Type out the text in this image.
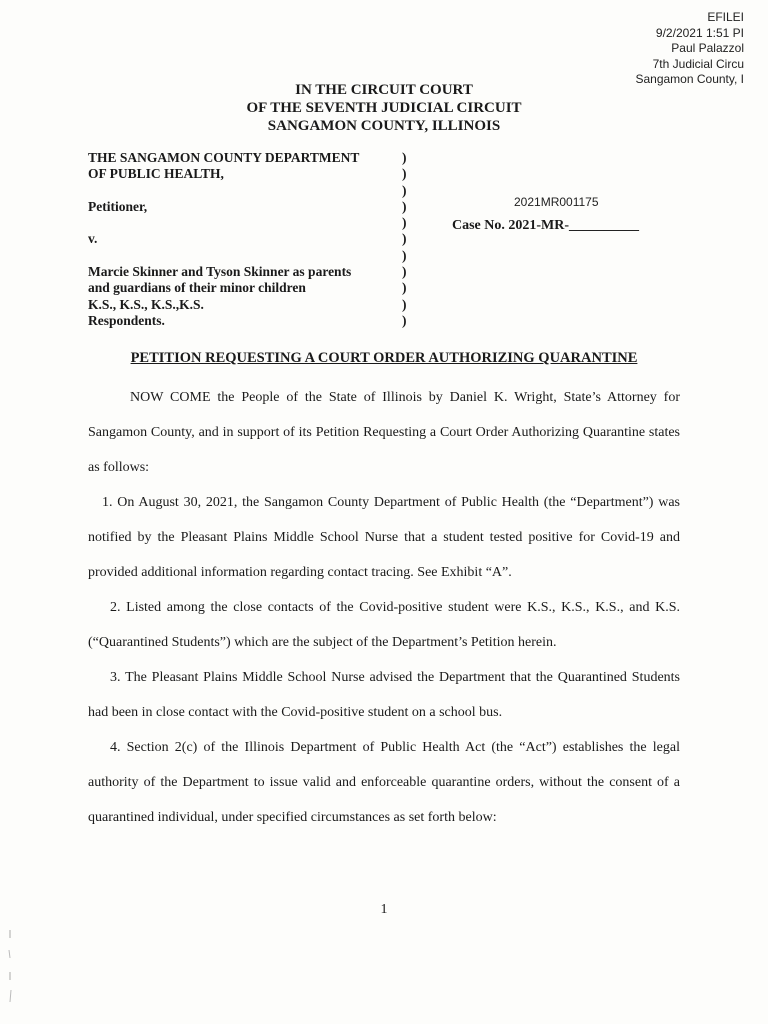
EFILEI
9/2/2021 1:51 PI
Paul Palazzol
7th Judicial Circu
Sangamon County, I
IN THE CIRCUIT COURT
OF THE SEVENTH JUDICIAL CIRCUIT
SANGAMON COUNTY, ILLINOIS
THE SANGAMON COUNTY DEPARTMENT
OF PUBLIC HEALTH,
Petitioner,
v.
Marcie Skinner and Tyson Skinner as parents
and guardians of their minor children
K.S., K.S., K.S.,K.S.
Respondents.
)
)
)
)
)
)
)
)
)
)
)
2021MR001175
Case No. 2021-MR-__________
PETITION REQUESTING A COURT ORDER AUTHORIZING QUARANTINE

NOW COME the People of the State of Illinois by Daniel K. Wright, State’s Attorney for Sangamon County, and in support of its Petition Requesting a Court Order Authorizing Quarantine states as follows:

1. On August 30, 2021, the Sangamon County Department of Public Health (the “Department”) was notified by the Pleasant Plains Middle School Nurse that a student tested positive for Covid-19 and provided additional information regarding contact tracing. See Exhibit “A”.

2. Listed among the close contacts of the Covid-positive student were K.S., K.S., K.S., and K.S. (“Quarantined Students”) which are the subject of the Department’s Petition herein.

3. The Pleasant Plains Middle School Nurse advised the Department that the Quarantined Students had been in close contact with the Covid-positive student on a school bus.

4. Section 2(c) of the Illinois Department of Public Health Act (the “Act”) establishes the legal authority of the Department to issue valid and enforceable quarantine orders, without the consent of a quarantined individual, under specified circumstances as set forth below:

1
